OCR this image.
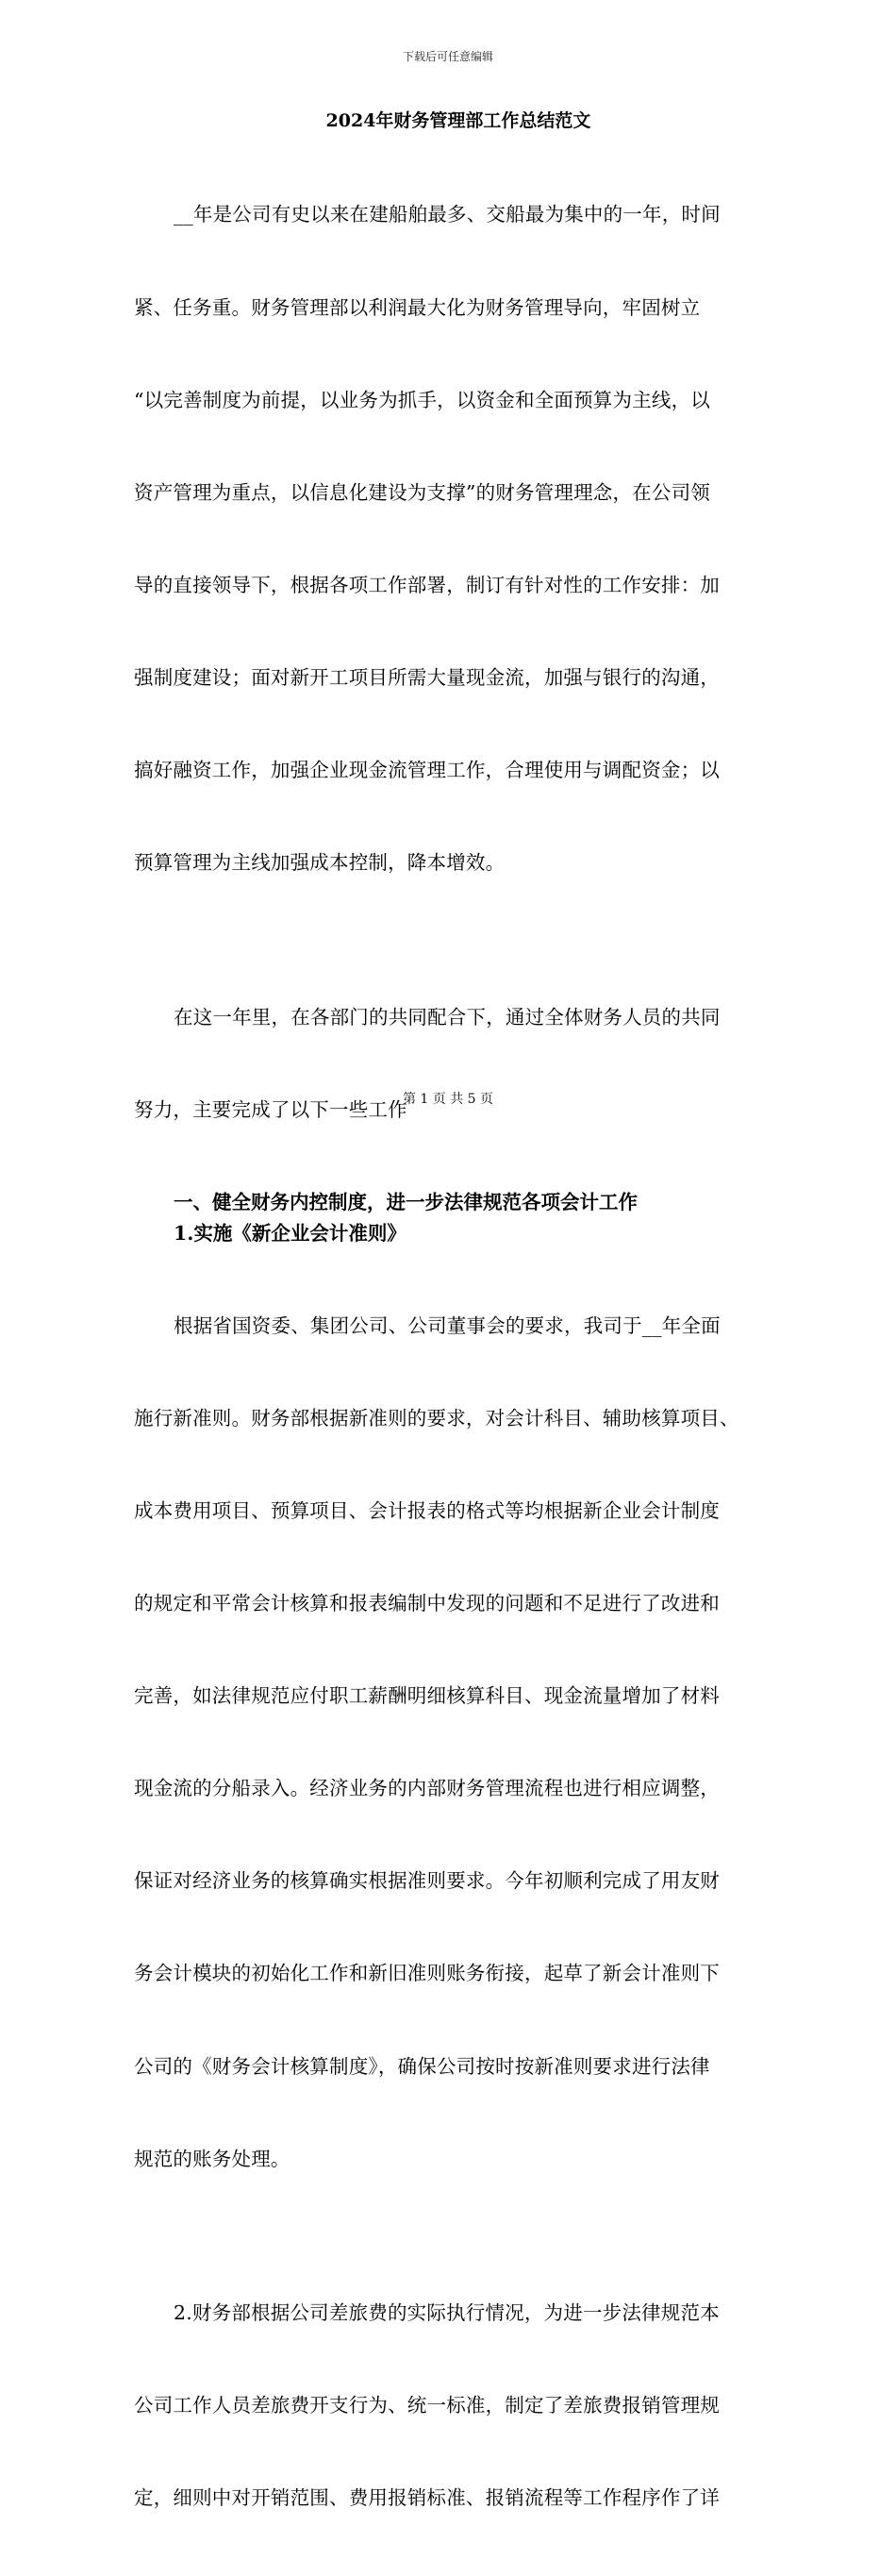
下载后可任意编辑
2024年财务管理部工作总结范文

__年是公司有史以来在建船舶最多、交船最为集中的一年，时间

紧、任务重。财务管理部以利润最大化为财务管理导向，牢固树立

“以完善制度为前提，以业务为抓手，以资金和全面预算为主线，以

资产管理为重点，以信息化建设为支撑”的财务管理理念，在公司领

导的直接领导下，根据各项工作部署，制订有针对性的工作安排：加

强制度建设；面对新开工项目所需大量现金流，加强与银行的沟通，

搞好融资工作，加强企业现金流管理工作，合理使用与调配资金；以

预算管理为主线加强成本控制，降本增效。

在这一年里，在各部门的共同配合下，通过全体财务人员的共同

努力，主要完成了以下一些工作

一、健全财务内控制度，进一步法律规范各项会计工作
1.实施《新企业会计准则》

根据省国资委、集团公司、公司董事会的要求，我司于__年全面

施行新准则。财务部根据新准则的要求，对会计科目、辅助核算项目、

成本费用项目、预算项目、会计报表的格式等均根据新企业会计制度

的规定和平常会计核算和报表编制中发现的问题和不足进行了改进和

完善，如法律规范应付职工薪酬明细核算科目、现金流量增加了材料

现金流的分船录入。经济业务的内部财务管理流程也进行相应调整，

保证对经济业务的核算确实根据准则要求。今年初顺利完成了用友财

务会计模块的初始化工作和新旧准则账务衔接，起草了新会计准则下

公司的《财务会计核算制度》，确保公司按时按新准则要求进行法律

规范的账务处理。

2.财务部根据公司差旅费的实际执行情况，为进一步法律规范本

公司工作人员差旅费开支行为、统一标准，制定了差旅费报销管理规

定，细则中对开销范围、费用报销标准、报销流程等工作程序作了详

第 1 页 共 5 页
